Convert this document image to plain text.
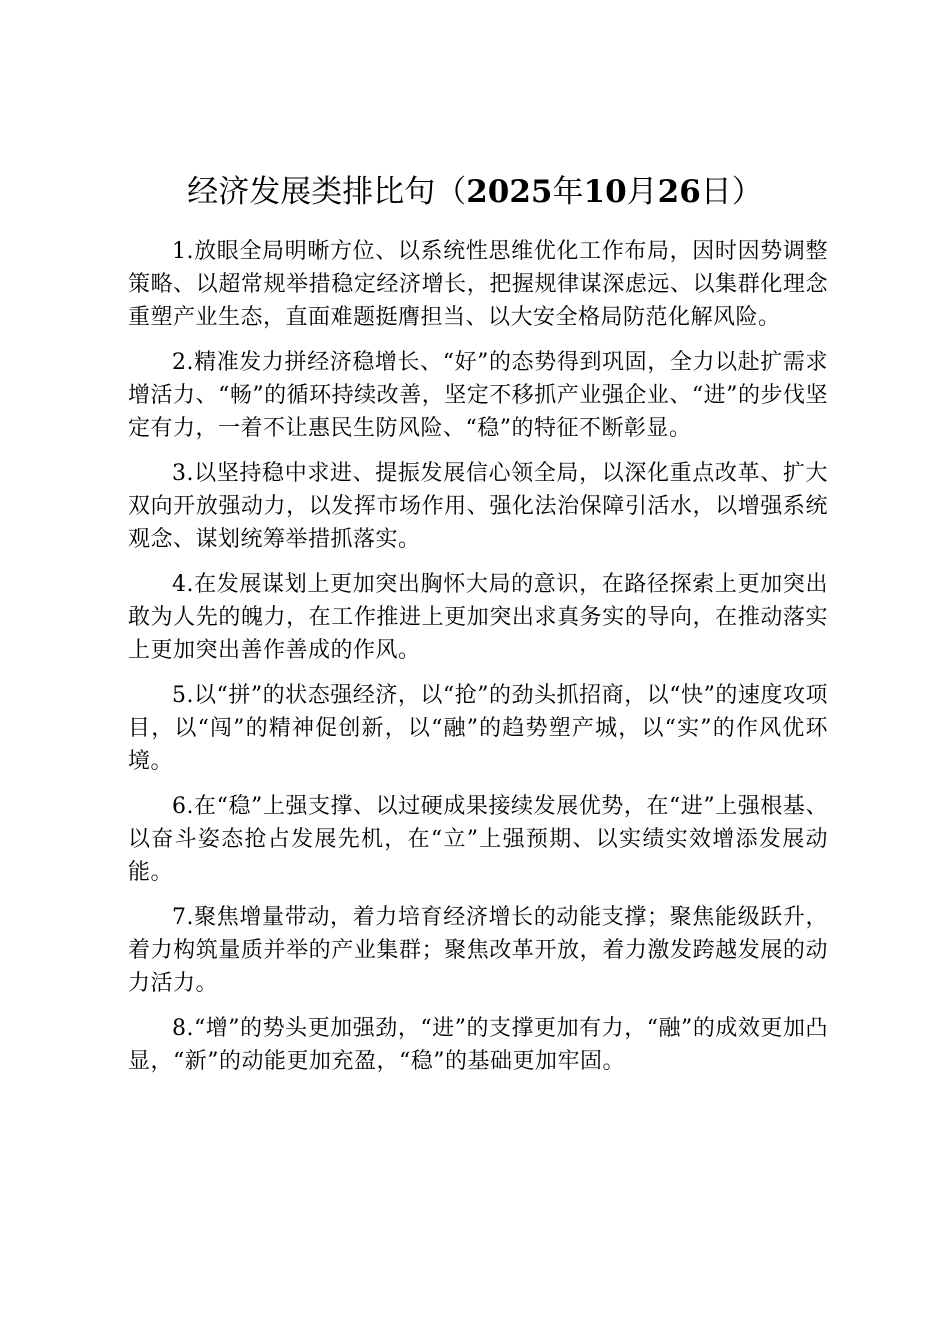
经济发展类排比句（2025年10月26日）

1.放眼全局明晰方位、以系统性思维优化工作布局，因时因势调整策略、以超常规举措稳定经济增长，把握规律谋深虑远、以集群化理念重塑产业生态，直面难题挺膺担当、以大安全格局防范化解风险。

2.精准发力拼经济稳增长、“好”的态势得到巩固，全力以赴扩需求增活力、“畅”的循环持续改善，坚定不移抓产业强企业、“进”的步伐坚定有力，一着不让惠民生防风险、“稳”的特征不断彰显。

3.以坚持稳中求进、提振发展信心领全局，以深化重点改革、扩大双向开放强动力，以发挥市场作用、强化法治保障引活水，以增强系统观念、谋划统筹举措抓落实。

4.在发展谋划上更加突出胸怀大局的意识，在路径探索上更加突出敢为人先的魄力，在工作推进上更加突出求真务实的导向，在推动落实上更加突出善作善成的作风。

5.以“拼”的状态强经济，以“抢”的劲头抓招商，以“快”的速度攻项目，以“闯”的精神促创新，以“融”的趋势塑产城，以“实”的作风优环境。

6.在“稳”上强支撑、以过硬成果接续发展优势，在“进”上强根基、以奋斗姿态抢占发展先机，在“立”上强预期、以实绩实效增添发展动能。

7.聚焦增量带动，着力培育经济增长的动能支撑；聚焦能级跃升，着力构筑量质并举的产业集群；聚焦改革开放，着力激发跨越发展的动力活力。

8.“增”的势头更加强劲，“进”的支撑更加有力，“融”的成效更加凸显，“新”的动能更加充盈，“稳”的基础更加牢固。
